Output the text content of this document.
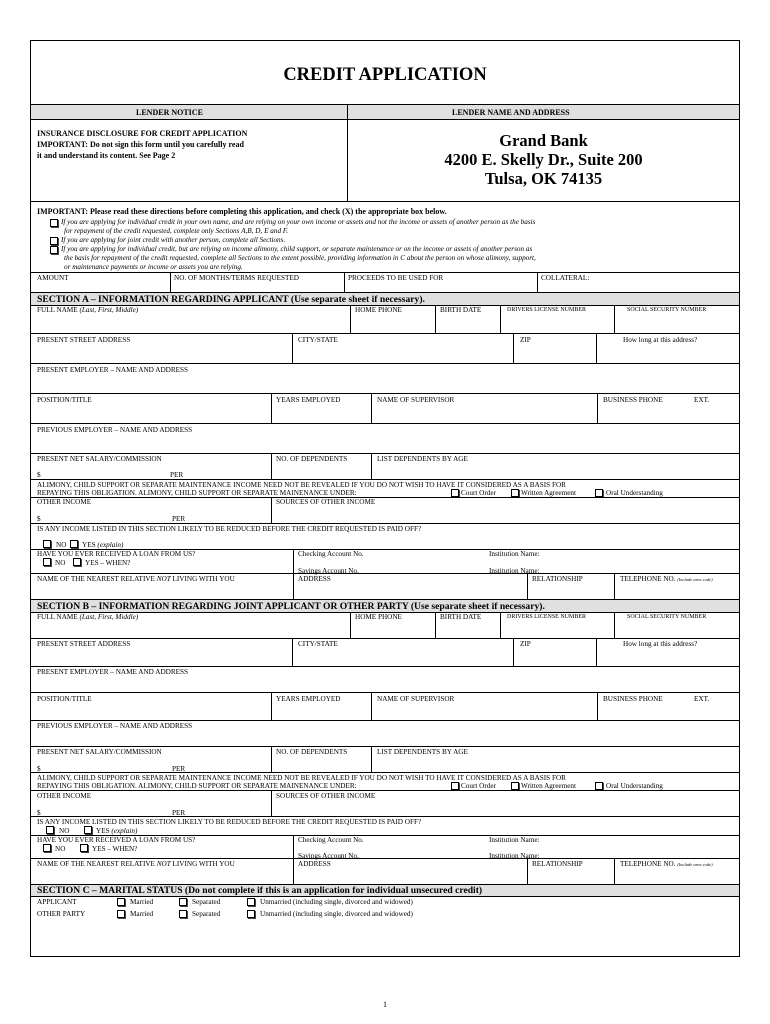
CREDIT APPLICATION
LENDER NOTICE	LENDER NAME AND ADDRESS
INSURANCE DISCLOSURE FOR CREDIT APPLICATION
IMPORTANT: Do not sign this form until you carefully read
it and understand its content. See Page 2
Grand Bank
4200 E. Skelly Dr., Suite 200
Tulsa, OK 74135
IMPORTANT: Please read these directions before completing this application, and check (X) the appropriate box below.
If you are applying for individual credit in your own name, and are relying on your own income or assets and not the income or assets of another person as the basis
for repayment of the credit requested, complete only Sections A,B, D, E and F.
If you are applying for joint credit with another person, complete all Sections.
If you are applying for individual credit, but are relying on income alimony, child support, or separate maintenance or on the income or assets of another person as
the basis for repayment of the credit requested, complete all Sections to the extent possible, providing information in C about the person on whose alimony, support,
or maintenance payments or income or assets you are relying.
AMOUNT	NO. OF MONTHS/TERMS REQUESTED	PROCEEDS TO BE USED FOR	COLLATERAL:
SECTION A – INFORMATION REGARDING APPLICANT (Use separate sheet if necessary).
FULL NAME (Last, First, Middle)	HOME PHONE	BIRTH DATE	DRIVERS LICENSE NUMBER	SOCIAL SECURITY NUMBER
PRESENT STREET ADDRESS	CITY/STATE	ZIP	How long at this address?
PRESENT EMPLOYER – NAME AND ADDRESS
POSITION/TITLE	YEARS EMPLOYED	NAME OF SUPERVISOR	BUSINESS PHONE	EXT.
PREVIOUS EMPLOYER – NAME AND ADDRESS
PRESENT NET SALARY/COMMISSION	NO. OF DEPENDENTS	LIST DEPENDENTS BY AGE
$	PER
ALIMONY, CHILD SUPPORT OR SEPARATE MAINTENANCE INCOME NEED NOT BE REVEALED IF YOU DO NOT WISH TO HAVE IT CONSIDERED AS A BASIS FOR
REPAYING THIS OBLIGATION. ALIMONY, CHILD SUPPORT OR SEPARATE MAINENANCE UNDER:	Court Order	Written Agreement	Oral Understanding
OTHER INCOME	SOURCES OF OTHER INCOME
$	PER
IS ANY INCOME LISTED IN THIS SECTION LIKELY TO BE REDUCED BEFORE THE CREDIT REQUESTED IS PAID OFF?
NO YES (explain)
HAVE YOU EVER RECEIVED A LOAN FROM US?
NO	YES – WHEN?
Checking Account No.	Institution Name:
Savings Account No.	Institution Name:
NAME OF THE NEAREST RELATIVE NOT LIVING WITH YOU	ADDRESS	RELATIONSHIP	TELEPHONE NO. (Include area code)
SECTION B – INFORMATION REGARDING JOINT APPLICANT OR OTHER PARTY (Use separate sheet if necessary).
FULL NAME (Last, First, Middle)	HOME PHONE	BIRTH DATE	DRIVERS LICENSE NUMBER	SOCIAL SECURITY NUMBER
PRESENT STREET ADDRESS	CITY/STATE	ZIP	How long at this address?
PRESENT EMPLOYER – NAME AND ADDRESS
POSITION/TITLE	YEARS EMPLOYED	NAME OF SUPERVISOR	BUSINESS PHONE	EXT.
PREVIOUS EMPLOYER – NAME AND ADDRESS
PRESENT NET SALARY/COMMISSION	NO. OF DEPENDENTS	LIST DEPENDENTS BY AGE
$	PER
ALIMONY, CHILD SUPPORT OR SEPARATE MAINTENANCE INCOME NEED NOT BE REVEALED IF YOU DO NOT WISH TO HAVE IT CONSIDERED AS A BASIS FOR
REPAYING THIS OBLIGATION. ALIMONY, CHILD SUPPORT OR SEPARATE MAINENANCE UNDER:	Court Order	Written Agreement	Oral Understanding
OTHER INCOME	SOURCES OF OTHER INCOME
$	PER
IS ANY INCOME LISTED IN THIS SECTION LIKELY TO BE REDUCED BEFORE THE CREDIT REQUESTED IS PAID OFF?
NO	YES (explain)
HAVE YOU EVER RECEIVED A LOAN FROM US?
NO	YES – WHEN?
Checking Account No.	Institution Name:
Savings Account No.	Institution Name:
NAME OF THE NEAREST RELATIVE NOT LIVING WITH YOU	ADDRESS	RELATIONSHIP	TELEPHONE NO. (Include area code)
SECTION C – MARITAL STATUS (Do not complete if this is an application for individual unsecured credit)
APPLICANT	Married	Separated	Unmarried (including single, divorced and widowed)
OTHER PARTY	Married	Separated	Unmarried (including single, divorced and widowed)
1
